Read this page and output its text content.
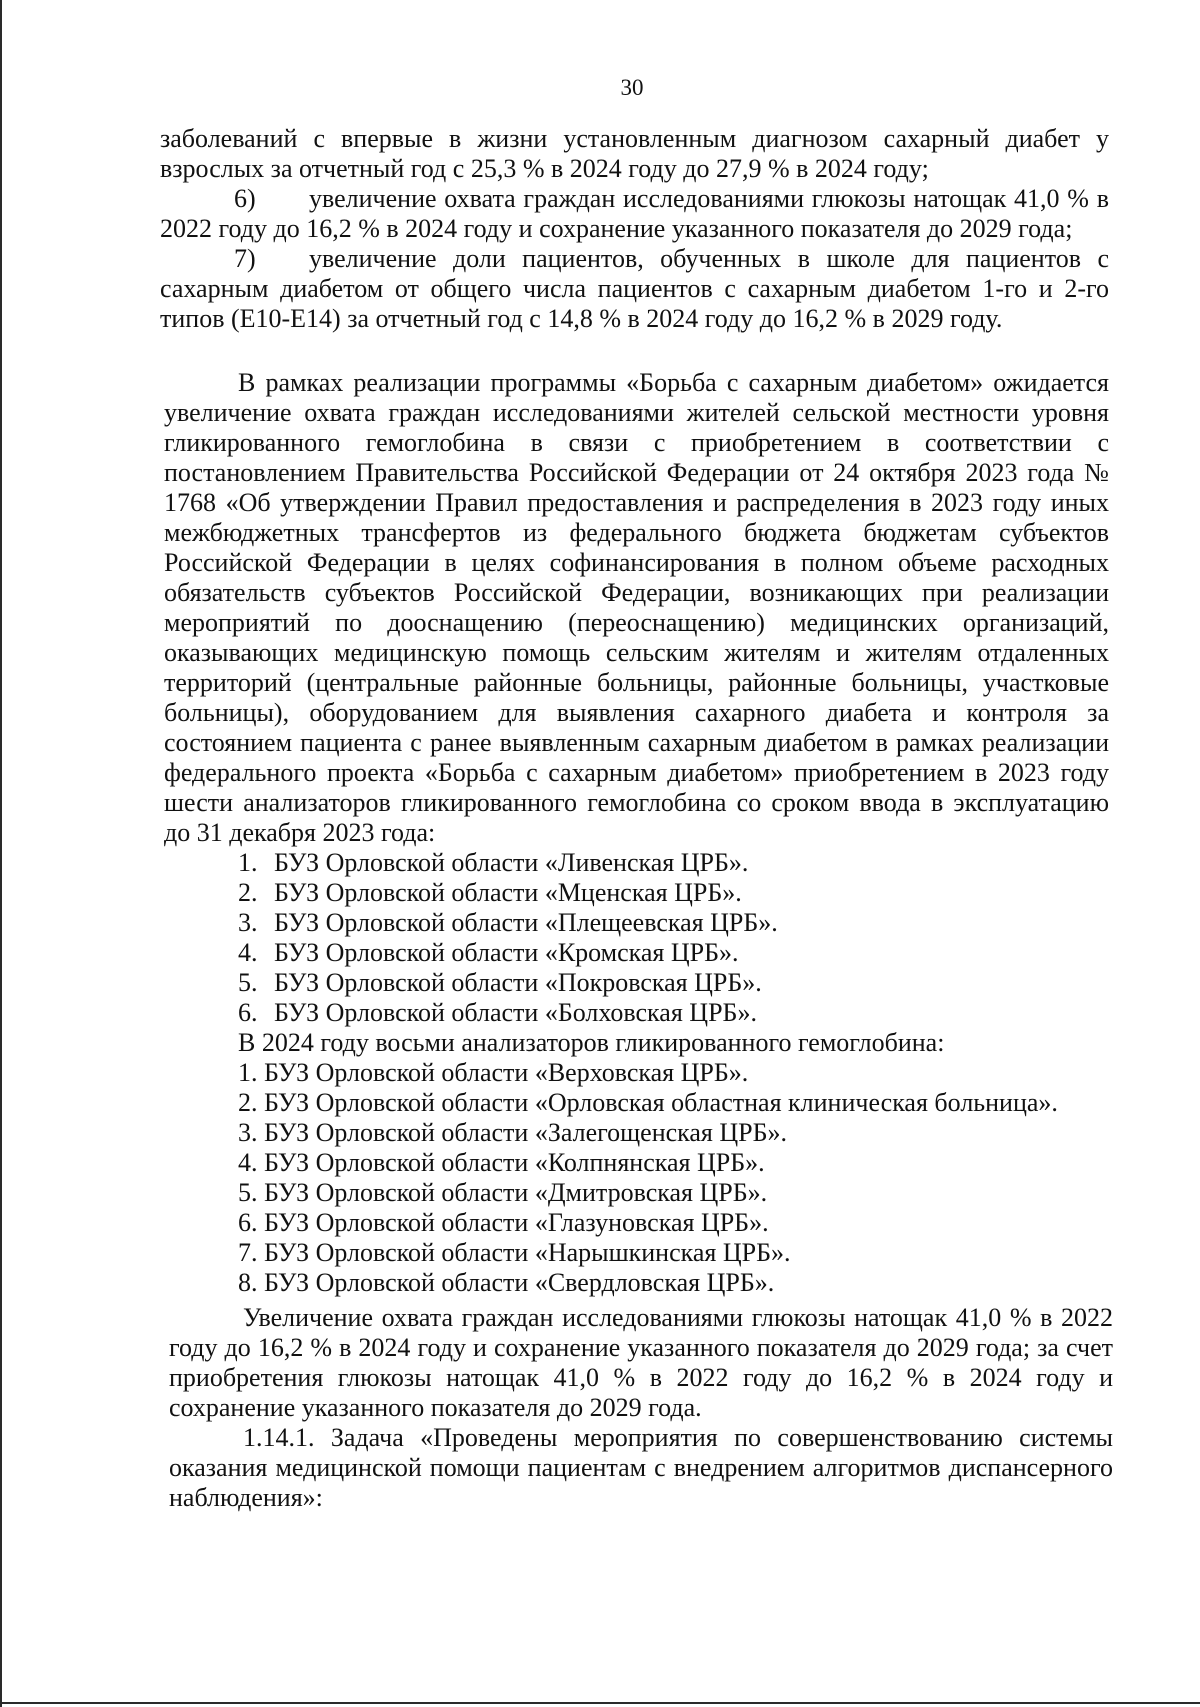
30

заболеваний с впервые в жизни установленным диагнозом сахарный диабет у взрослых за отчетный год с 25,3 % в 2024 году до 27,9 % в 2024 году;

6) увеличение охвата граждан исследованиями глюкозы натощак 41,0 % в 2022 году до 16,2 % в 2024 году и сохранение указанного показателя до 2029 года;

7) увеличение доли пациентов, обученных в школе для пациентов с сахарным диабетом от общего числа пациентов с сахарным диабетом 1-го и 2-го типов (Е10-Е14) за отчетный год с 14,8 % в 2024 году до 16,2 % в 2029 году.

В рамках реализации программы «Борьба с сахарным диабетом» ожидается увеличение охвата граждан исследованиями жителей сельской местности уровня гликированного гемоглобина в связи с приобретением в соответствии с постановлением Правительства Российской Федерации от 24 октября 2023 года № 1768 «Об утверждении Правил предоставления и распределения в 2023 году иных межбюджетных трансфертов из федерального бюджета бюджетам субъектов Российской Федерации в целях софинансирования в полном объеме расходных обязательств субъектов Российской Федерации, возникающих при реализации мероприятий по дооснащению (переоснащению) медицинских организаций, оказывающих медицинскую помощь сельским жителям и жителям отдаленных территорий (центральные районные больницы, районные больницы, участковые больницы), оборудованием для выявления сахарного диабета и контроля за состоянием пациента с ранее выявленным сахарным диабетом в рамках реализации федерального проекта «Борьба с сахарным диабетом» приобретением в 2023 году шести анализаторов гликированного гемоглобина со сроком ввода в эксплуатацию до 31 декабря 2023 года:

1. БУЗ Орловской области «Ливенская ЦРБ».
2. БУЗ Орловской области «Мценская ЦРБ».
3. БУЗ Орловской области «Плещеевская ЦРБ».
4. БУЗ Орловской области «Кромская ЦРБ».
5. БУЗ Орловской области «Покровская ЦРБ».
6. БУЗ Орловской области «Болховская ЦРБ».
В 2024 году восьми анализаторов гликированного гемоглобина:
1. БУЗ Орловской области «Верховская ЦРБ».
2. БУЗ Орловской области «Орловская областная клиническая больница».
3. БУЗ Орловской области «Залегощенская ЦРБ».
4. БУЗ Орловской области «Колпнянская ЦРБ».
5. БУЗ Орловской области «Дмитровская ЦРБ».
6. БУЗ Орловской области «Глазуновская ЦРБ».
7. БУЗ Орловской области «Нарышкинская ЦРБ».
8. БУЗ Орловской области «Свердловская ЦРБ».

Увеличение охвата граждан исследованиями глюкозы натощак 41,0 % в 2022 году до 16,2 % в 2024 году и сохранение указанного показателя до 2029 года; за счет приобретения глюкозы натощак 41,0 % в 2022 году до 16,2 % в 2024 году и сохранение указанного показателя до 2029 года.

1.14.1. Задача «Проведены мероприятия по совершенствованию системы оказания медицинской помощи пациентам с внедрением алгоритмов диспансерного наблюдения»:
